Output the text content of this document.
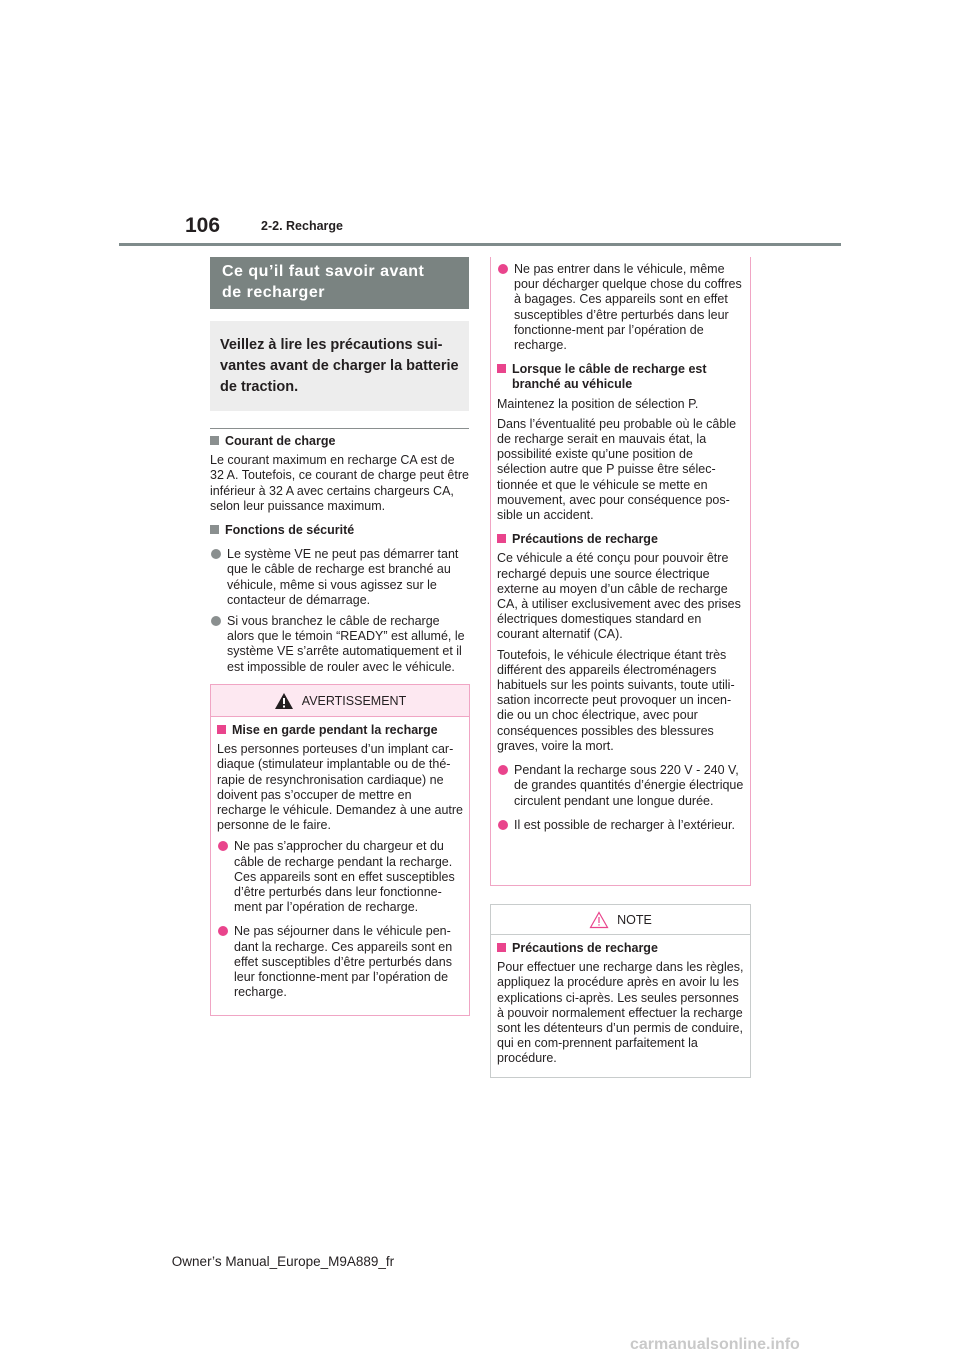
106	2-2. Recharge
Ce qu’il faut savoir avant
de recharger
Veillez à lire les précautions sui-
vantes avant de charger la batterie
de traction.

Courant de charge

Le courant maximum en recharge CA est de 32 A. Toutefois, ce courant de charge peut être inférieur à 32 A avec certains chargeurs CA, selon leur puissance maximum.

Fonctions de sécurité

Le système VE ne peut pas démarrer tant que le câble de recharge est branché au véhicule, même si vous agissez sur le contacteur de démarrage.

Si vous branchez le câble de recharge alors que le témoin “READY” est allumé, le système VE s’arrête automatiquement et il est impossible de rouler avec le véhicule.

AVERTISSEMENT

Mise en garde pendant la recharge

Les personnes porteuses d’un implant car-diaque (stimulateur implantable ou de thé-rapie de resynchronisation cardiaque) ne doivent pas s’occuper de mettre en recharge le véhicule. Demandez à une autre personne de le faire.

Ne pas s’approcher du chargeur et du câble de recharge pendant la recharge. Ces appareils sont en effet susceptibles d’être perturbés dans leur fonctionne-ment par l’opération de recharge.

Ne pas séjourner dans le véhicule pen-dant la recharge. Ces appareils sont en effet susceptibles d’être perturbés dans leur fonctionne-ment par l’opération de recharge.

Ne pas entrer dans le véhicule, même pour décharger quelque chose du coffres à bagages. Ces appareils sont en effet susceptibles d’être perturbés dans leur fonctionne-ment par l’opération de recharge.

Lorsque le câble de recharge est branché au véhicule

Maintenez la position de sélection P.

Dans l’éventualité peu probable où le câble de recharge serait en mauvais état, la possibilité existe qu’une position de sélection autre que P puisse être sélec-tionnée et que le véhicule se mette en mouvement, avec pour conséquence pos-sible un accident.

Précautions de recharge

Ce véhicule a été conçu pour pouvoir être rechargé depuis une source électrique externe au moyen d’un câble de recharge CA, à utiliser exclusivement avec des prises électriques domestiques standard en courant alternatif (CA).

Toutefois, le véhicule électrique étant très différent des appareils électroménagers habituels sur les points suivants, toute utili-sation incorrecte peut provoquer un incen-die ou un choc électrique, avec pour conséquences possibles des blessures graves, voire la mort.

Pendant la recharge sous 220 V - 240 V, de grandes quantités d’énergie électrique circulent pendant une longue durée.

Il est possible de recharger à l’extérieur.

NOTE

Précautions de recharge

Pour effectuer une recharge dans les règles, appliquez la procédure après en avoir lu les explications ci-après. Les seules personnes à pouvoir normalement effectuer la recharge sont les détenteurs d’un permis de conduire, qui en com-prennent parfaitement la procédure.

Owner’s Manual_Europe_M9A889_fr
carmanualsonline.info
